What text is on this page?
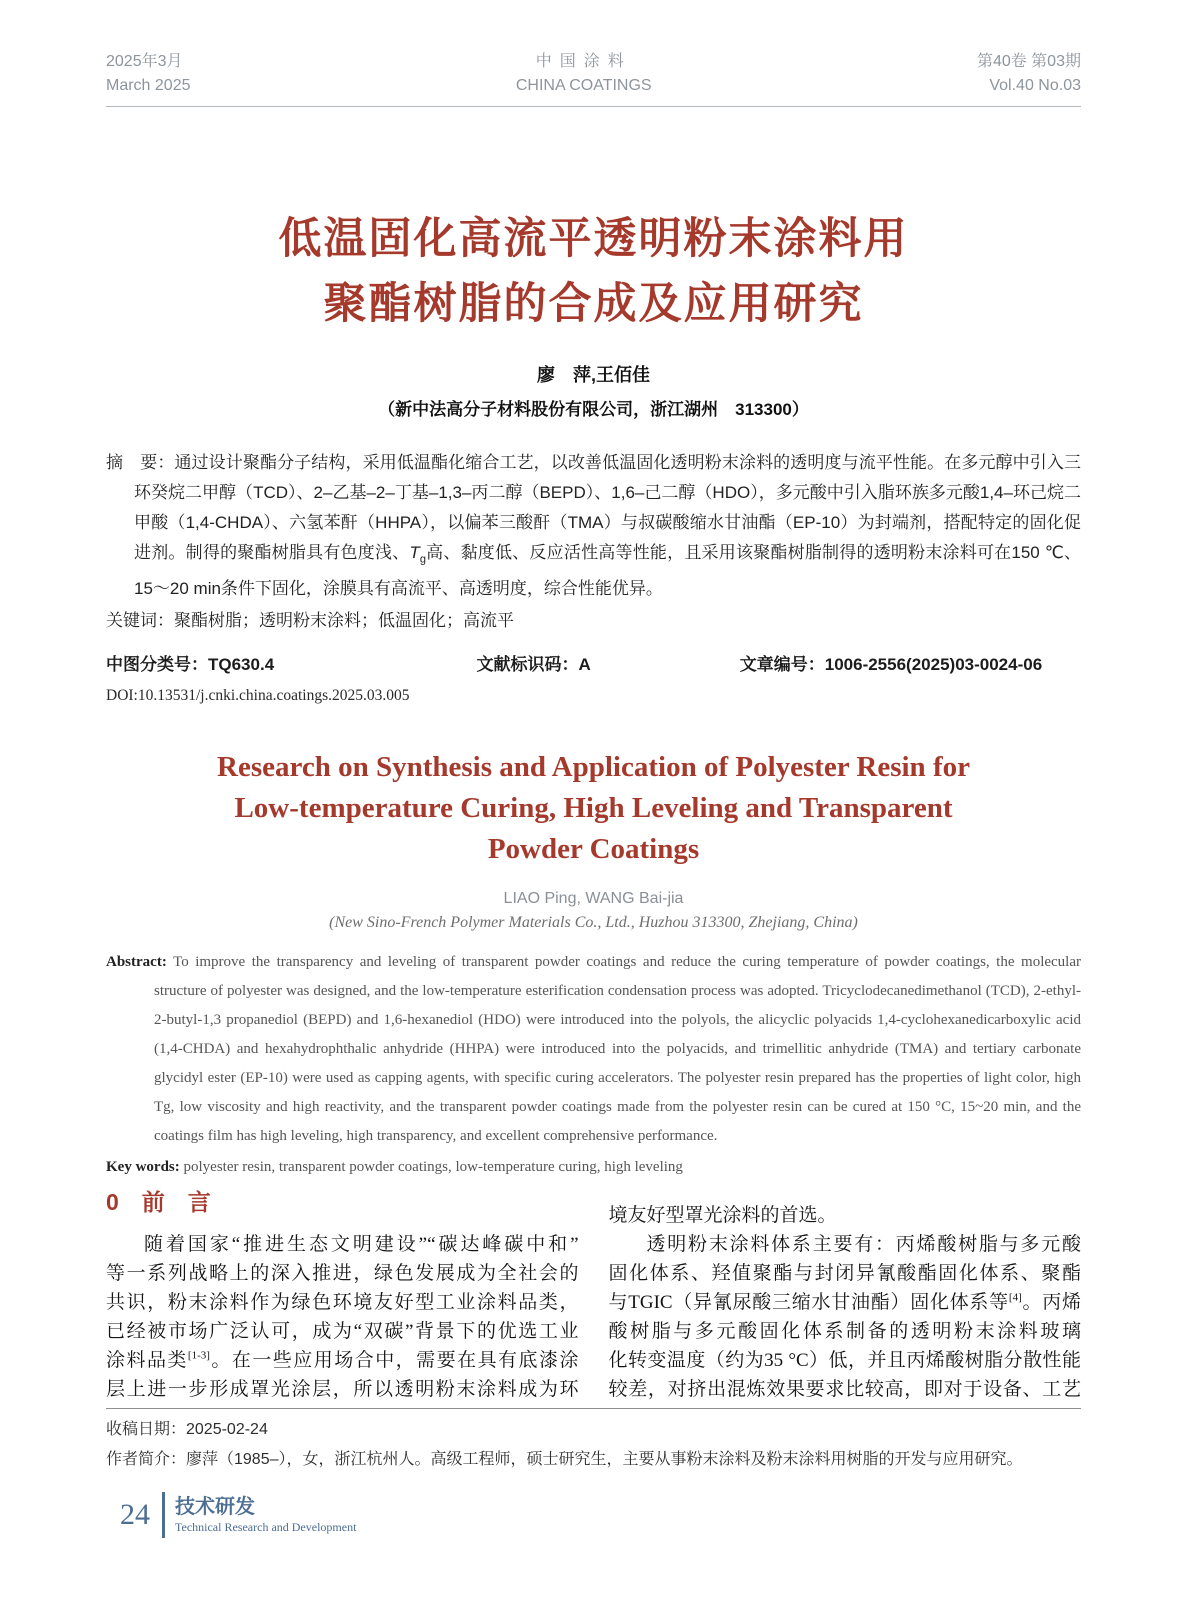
2025年3月
March 2025
中国涂料
CHINA COATINGS
第40卷 第03期
Vol.40 No.03
低温固化高流平透明粉末涂料用
聚酯树脂的合成及应用研究
廖　萍,王佰佳
（新中法高分子材料股份有限公司，浙江湖州　313300）

摘　要：通过设计聚酯分子结构，采用低温酯化缩合工艺，以改善低温固化透明粉末涂料的透明度与流平性能。在多元醇中引入三环癸烷二甲醇（TCD）、2–乙基–2–丁基–1,3–丙二醇（BEPD）、1,6–己二醇（HDO），多元酸中引入脂环族多元酸1,4–环己烷二甲酸（1,4-CHDA）、六氢苯酐（HHPA），以偏苯三酸酐（TMA）与叔碳酸缩水甘油酯（EP-10）为封端剂，搭配特定的固化促进剂。制得的聚酯树脂具有色度浅、$T_g$高、黏度低、反应活性高等性能，且采用该聚酯树脂制得的透明粉末涂料可在150 ℃、15～20 min条件下固化，涂膜具有高流平、高透明度，综合性能优异。

关键词：聚酯树脂；透明粉末涂料；低温固化；高流平

中图分类号：TQ630.4	文献标识码：A	文章编号：1006-2556(2025)03-0024-06
DOI:10.13531/j.cnki.china.coatings.2025.03.005
Research on Synthesis and Application of Polyester Resin for
Low-temperature Curing, High Leveling and Transparent
Powder Coatings
LIAO Ping, WANG Bai-jia
(New Sino-French Polymer Materials Co., Ltd., Huzhou 313300, Zhejiang, China)

Abstract: To improve the transparency and leveling of transparent powder coatings and reduce the curing temperature of powder coatings, the molecular structure of polyester was designed, and the low-temperature esterification condensation process was adopted. Tricyclodecanedimethanol (TCD), 2-ethyl-2-butyl-1,3 propanediol (BEPD) and 1,6-hexanediol (HDO) were introduced into the polyols, the alicyclic polyacids 1,4-cyclohexanedicarboxylic acid (1,4-CHDA) and hexahydrophthalic anhydride (HHPA) were introduced into the polyacids, and trimellitic anhydride (TMA) and tertiary carbonate glycidyl ester (EP-10) were used as capping agents, with specific curing accelerators. The polyester resin prepared has the properties of light color, high Tg, low viscosity and high reactivity, and the transparent powder coatings made from the polyester resin can be cured at 150 °C, 15~20 min, and the coatings film has high leveling, high transparency, and excellent comprehensive performance.

Key words: polyester resin, transparent powder coatings, low-temperature curing, high leveling

0　前　言
随着国家“推进生态文明建设”“碳达峰碳中和”
等一系列战略上的深入推进，绿色发展成为全社会的
共识，粉末涂料作为绿色环境友好型工业涂料品类，
已经被市场广泛认可，成为“双碳”背景下的优选工业
涂料品类[1-3]。在一些应用场合中，需要在具有底漆涂
层上进一步形成罩光涂层，所以透明粉末涂料成为环
境友好型罩光涂料的首选。
透明粉末涂料体系主要有：丙烯酸树脂与多元酸
固化体系、羟值聚酯与封闭异氰酸酯固化体系、聚酯
与TGIC（异氰尿酸三缩水甘油酯）固化体系等[4]。丙烯
酸树脂与多元酸固化体系制备的透明粉末涂料玻璃
化转变温度（约为35 °C）低，并且丙烯酸树脂分散性能
较差，对挤出混炼效果要求比较高，即对于设备、工艺
收稿日期：2025-02-24
作者简介：廖萍（1985–），女，浙江杭州人。高级工程师，硕士研究生，主要从事粉末涂料及粉末涂料用树脂的开发与应用研究。
24 技术研发
Technical Research and Development
